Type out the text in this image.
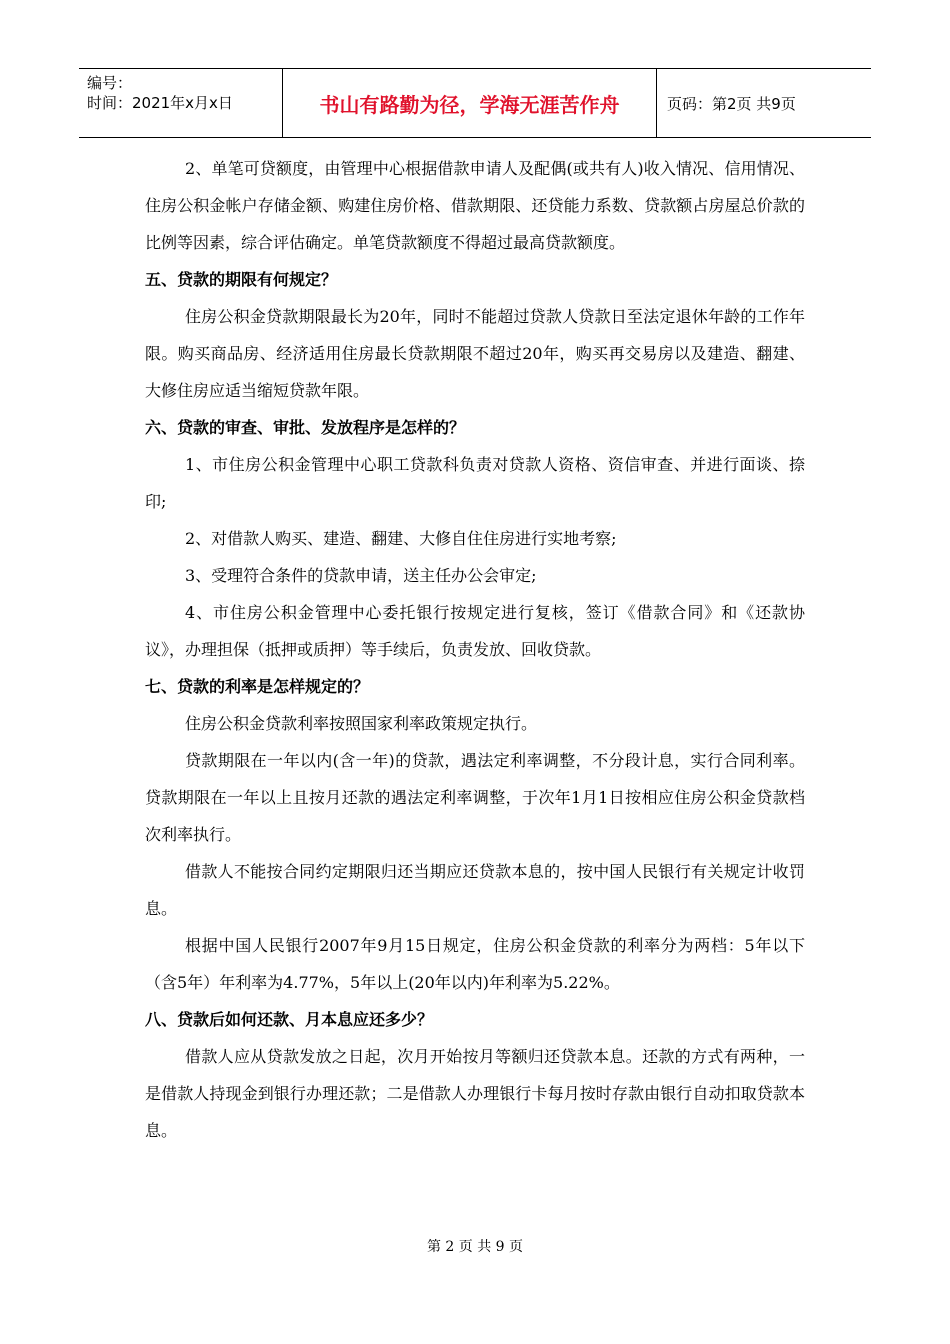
编号：
时间：2021年x月x日	书山有路勤为径，学海无涯苦作舟	页码：第2页 共9页

2、单笔可贷额度，由管理中心根据借款申请人及配偶(或共有人)收入情况、信用情况、住房公积金帐户存储金额、购建住房价格、借款期限、还贷能力系数、贷款额占房屋总价款的比例等因素，综合评估确定。单笔贷款额度不得超过最高贷款额度。

五、贷款的期限有何规定？

住房公积金贷款期限最长为20年，同时不能超过贷款人贷款日至法定退休年龄的工作年限。购买商品房、经济适用住房最长贷款期限不超过20年，购买再交易房以及建造、翻建、大修住房应适当缩短贷款年限。

六、贷款的审查、审批、发放程序是怎样的？

1、市住房公积金管理中心职工贷款科负责对贷款人资格、资信审查、并进行面谈、捺印;

2、对借款人购买、建造、翻建、大修自住住房进行实地考察;

3、受理符合条件的贷款申请，送主任办公会审定;

4、市住房公积金管理中心委托银行按规定进行复核，签订《借款合同》和《还款协议》，办理担保（抵押或质押）等手续后，负责发放、回收贷款。

七、贷款的利率是怎样规定的？

住房公积金贷款利率按照国家利率政策规定执行。

贷款期限在一年以内(含一年)的贷款，遇法定利率调整，不分段计息，实行合同利率。贷款期限在一年以上且按月还款的遇法定利率调整，于次年1月1日按相应住房公积金贷款档次利率执行。

借款人不能按合同约定期限归还当期应还贷款本息的，按中国人民银行有关规定计收罚息。

根据中国人民银行2007年9月15日规定，住房公积金贷款的利率分为两档：5年以下（含5年）年利率为4.77%，5年以上(20年以内)年利率为5.22%。

八、贷款后如何还款、月本息应还多少？

借款人应从贷款发放之日起，次月开始按月等额归还贷款本息。还款的方式有两种，一是借款人持现金到银行办理还款；二是借款人办理银行卡每月按时存款由银行自动扣取贷款本息。

第 2 页 共 9 页
